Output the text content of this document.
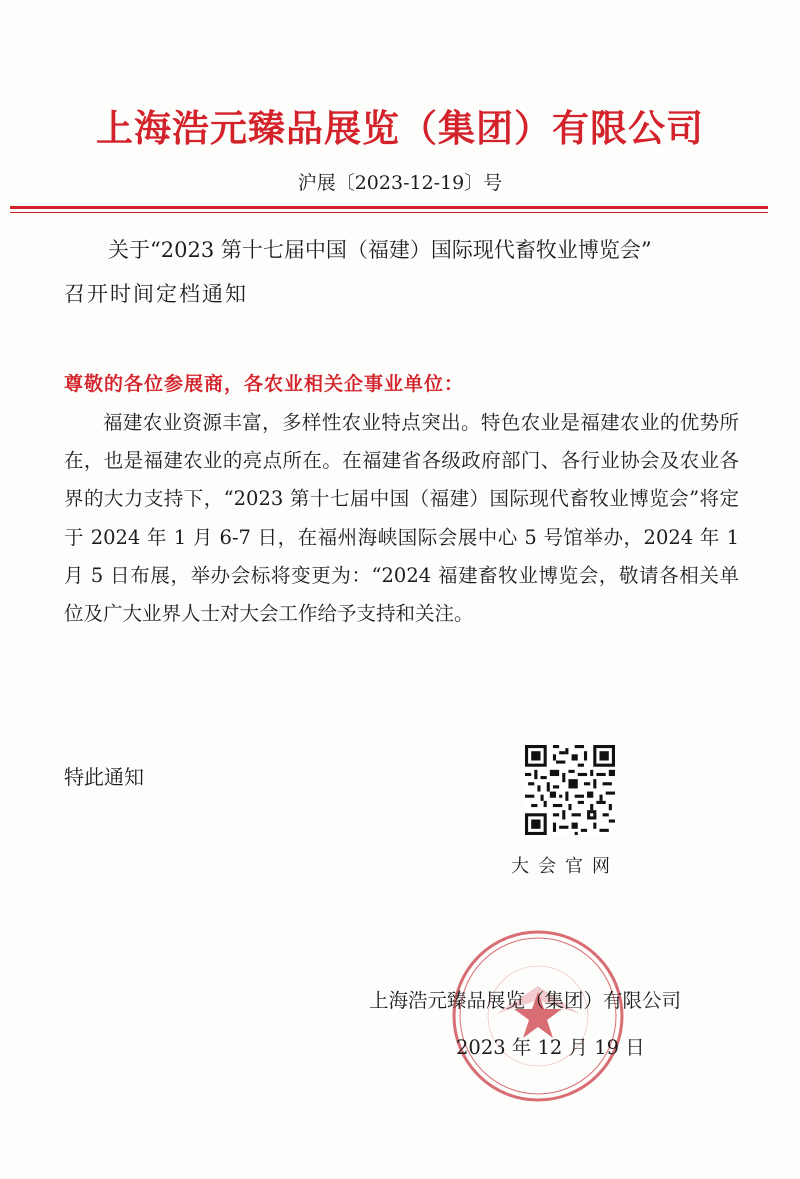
上海浩元臻品展览（集团）有限公司
沪展〔2023-12-19〕号
关于“2023 第十七届中国（福建）国际现代畜牧业博览会”
召开时间定档通知
尊敬的各位参展商，各农业相关企事业单位：
福建农业资源丰富，多样性农业特点突出。特色农业是福建农业的优势所在，也是福建农业的亮点所在。在福建省各级政府部门、各行业协会及农业各界的大力支持下，“2023 第十七届中国（福建）国际现代畜牧业博览会”将定于 2024 年 1 月 6-7 日，在福州海峡国际会展中心 5 号馆举办，2024 年 1 月 5 日布展，举办会标将变更为：“2024 福建畜牧业博览会，敬请各相关单位及广大业界人士对大会工作给予支持和关注。
特此通知
大会官网
上海浩元臻品展览（集团）有限公司
2023 年 12 月 19 日
